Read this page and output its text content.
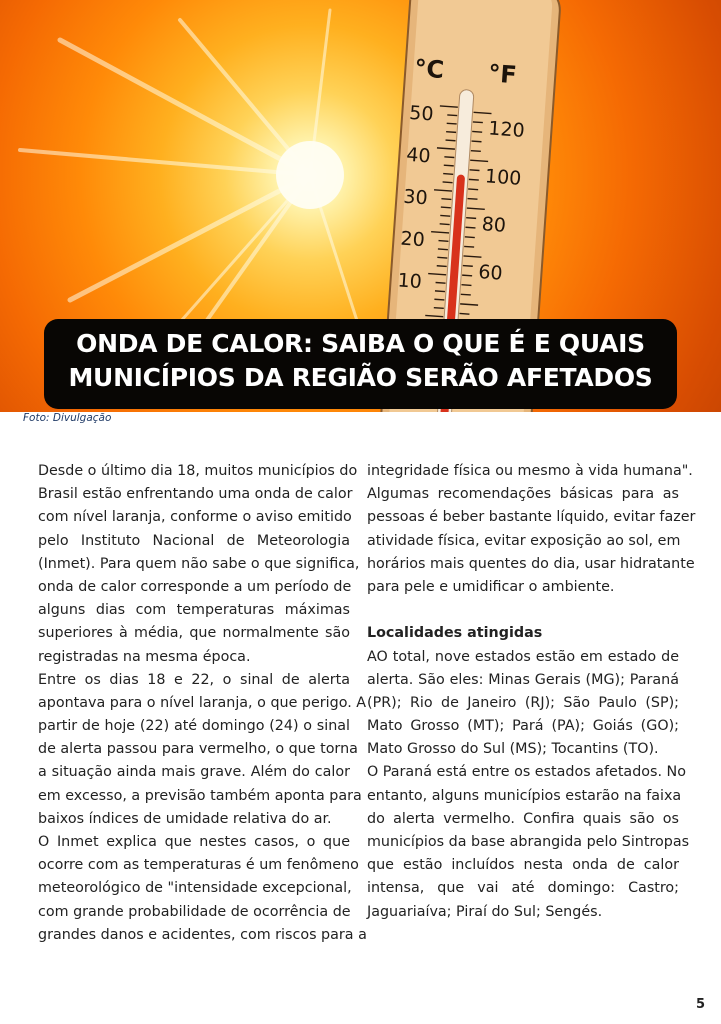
°C °F
50
40
30
20
10
120
100
80
60
ONDA DE CALOR: SAIBA O QUE É E QUAIS
MUNICÍPIOS DA REGIÃO SERÃO AFETADOS
Foto: Divulgação
Desde o último dia 18, muitos municípios do
Brasil estão enfrentando uma onda de calor
com nível laranja, conforme o aviso emitido
pelo Instituto Nacional de Meteorologia
(Inmet). Para quem não sabe o que significa,
onda de calor corresponde a um período de
alguns dias com temperaturas máximas
superiores à média, que normalmente são
registradas na mesma época.
Entre os dias 18 e 22, o sinal de alerta
apontava para o nível laranja, o que perigo. A
partir de hoje (22) até domingo (24) o sinal
de alerta passou para vermelho, o que torna
a situação ainda mais grave. Além do calor
em excesso, a previsão também aponta para
baixos índices de umidade relativa do ar.
O Inmet explica que nestes casos, o que
ocorre com as temperaturas é um fenômeno
meteorológico de "intensidade excepcional,
com grande probabilidade de ocorrência de
grandes danos e acidentes, com riscos para a
integridade física ou mesmo à vida humana".
Algumas recomendações básicas para as
pessoas é beber bastante líquido, evitar fazer
atividade física, evitar exposição ao sol, em
horários mais quentes do dia, usar hidratante
para pele e umidificar o ambiente.
Localidades atingidas
AO total, nove estados estão em estado de
alerta. São eles: Minas Gerais (MG); Paraná
(PR); Rio de Janeiro (RJ); São Paulo (SP);
Mato Grosso (MT); Pará (PA); Goiás (GO);
Mato Grosso do Sul (MS); Tocantins (TO).
O Paraná está entre os estados afetados. No
entanto, alguns municípios estarão na faixa
do alerta vermelho. Confira quais são os
municípios da base abrangida pelo Sintropas
que estão incluídos nesta onda de calor
intensa, que vai até domingo: Castro;
Jaguariaíva; Piraí do Sul; Sengés.
5
